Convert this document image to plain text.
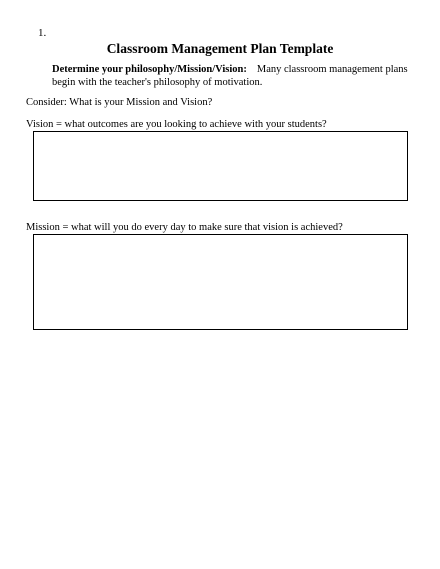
1.
Classroom Management Plan Template
Determine your philosophy/Mission/Vision: Many classroom management plans
begin with the teacher's philosophy of motivation.
Consider: What is your Mission and Vision?
Vision = what outcomes are you looking to achieve with your students?
Mission = what will you do every day to make sure that vision is achieved?
